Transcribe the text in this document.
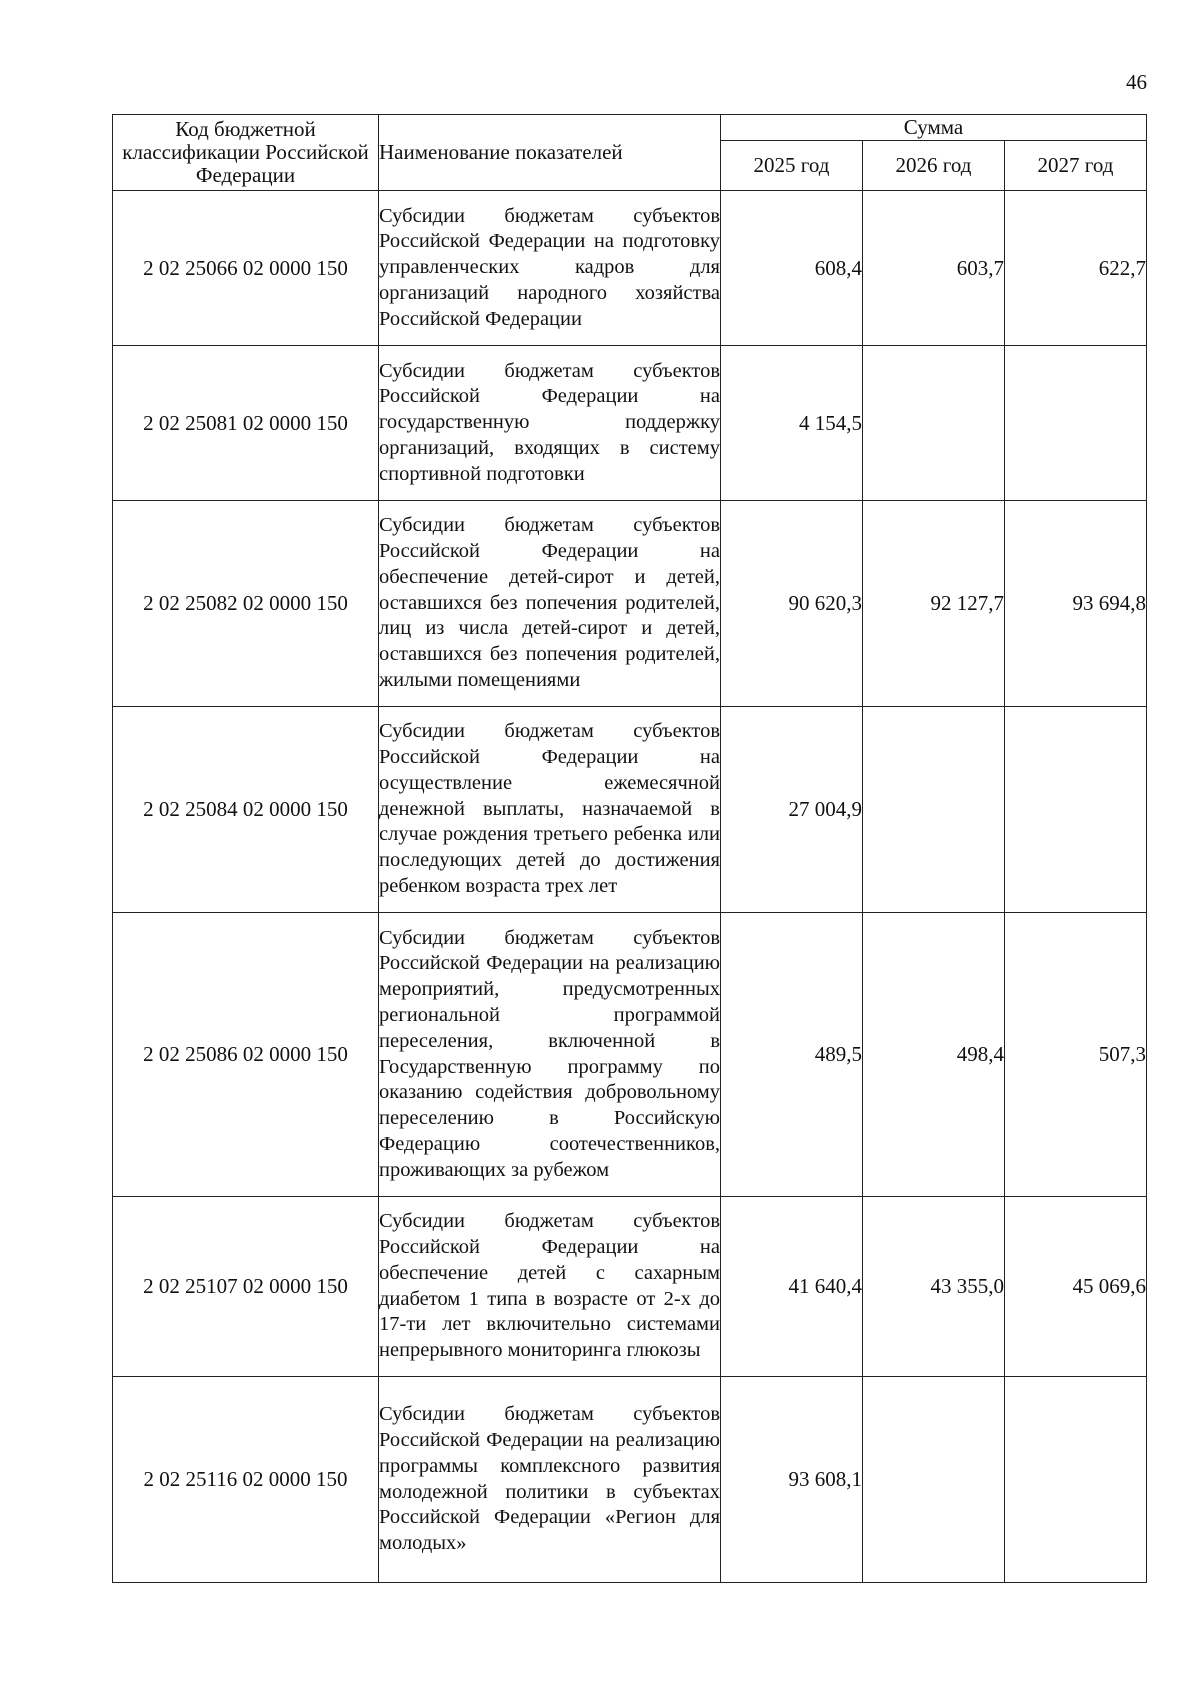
46
Код бюджетной классификации Российской Федерации	Наименование показателей	Сумма		
		2025 год	2026 год	2027 год
2 02 25066 02 0000 150	Субсидии бюджетам субъектов Российской Федерации на подготовку управленческих кадров для организаций народного хозяйства Российской Федерации	608,4	603,7	622,7
2 02 25081 02 0000 150	Субсидии бюджетам субъектов Российской Федерации на государственную поддержку организаций, входящих в систему спортивной подготовки	4 154,5		
2 02 25082 02 0000 150	Субсидии бюджетам субъектов Российской Федерации на обеспечение детей-сирот и детей, оставшихся без попечения родителей, лиц из числа детей-сирот и детей, оставшихся без попечения родителей, жилыми помещениями	90 620,3	92 127,7	93 694,8
2 02 25084 02 0000 150	Субсидии бюджетам субъектов Российской Федерации на осуществление ежемесячной денежной выплаты, назначаемой в случае рождения третьего ребенка или последующих детей до достижения ребенком возраста трех лет	27 004,9		
2 02 25086 02 0000 150	Субсидии бюджетам субъектов Российской Федерации на реализацию мероприятий, предусмотренных региональной программой переселения, включенной в Государственную программу по оказанию содействия добровольному переселению в Российскую Федерацию соотечественников, проживающих за рубежом	489,5	498,4	507,3
2 02 25107 02 0000 150	Субсидии бюджетам субъектов Российской Федерации на обеспечение детей с сахарным диабетом 1 типа в возрасте от 2-х до 17-ти лет включительно системами непрерывного мониторинга глюкозы	41 640,4	43 355,0	45 069,6
2 02 25116 02 0000 150	Субсидии бюджетам субъектов Российской Федерации на реализацию программы комплексного развития молодежной политики в субъектах Российской Федерации «Регион для молодых»	93 608,1		
